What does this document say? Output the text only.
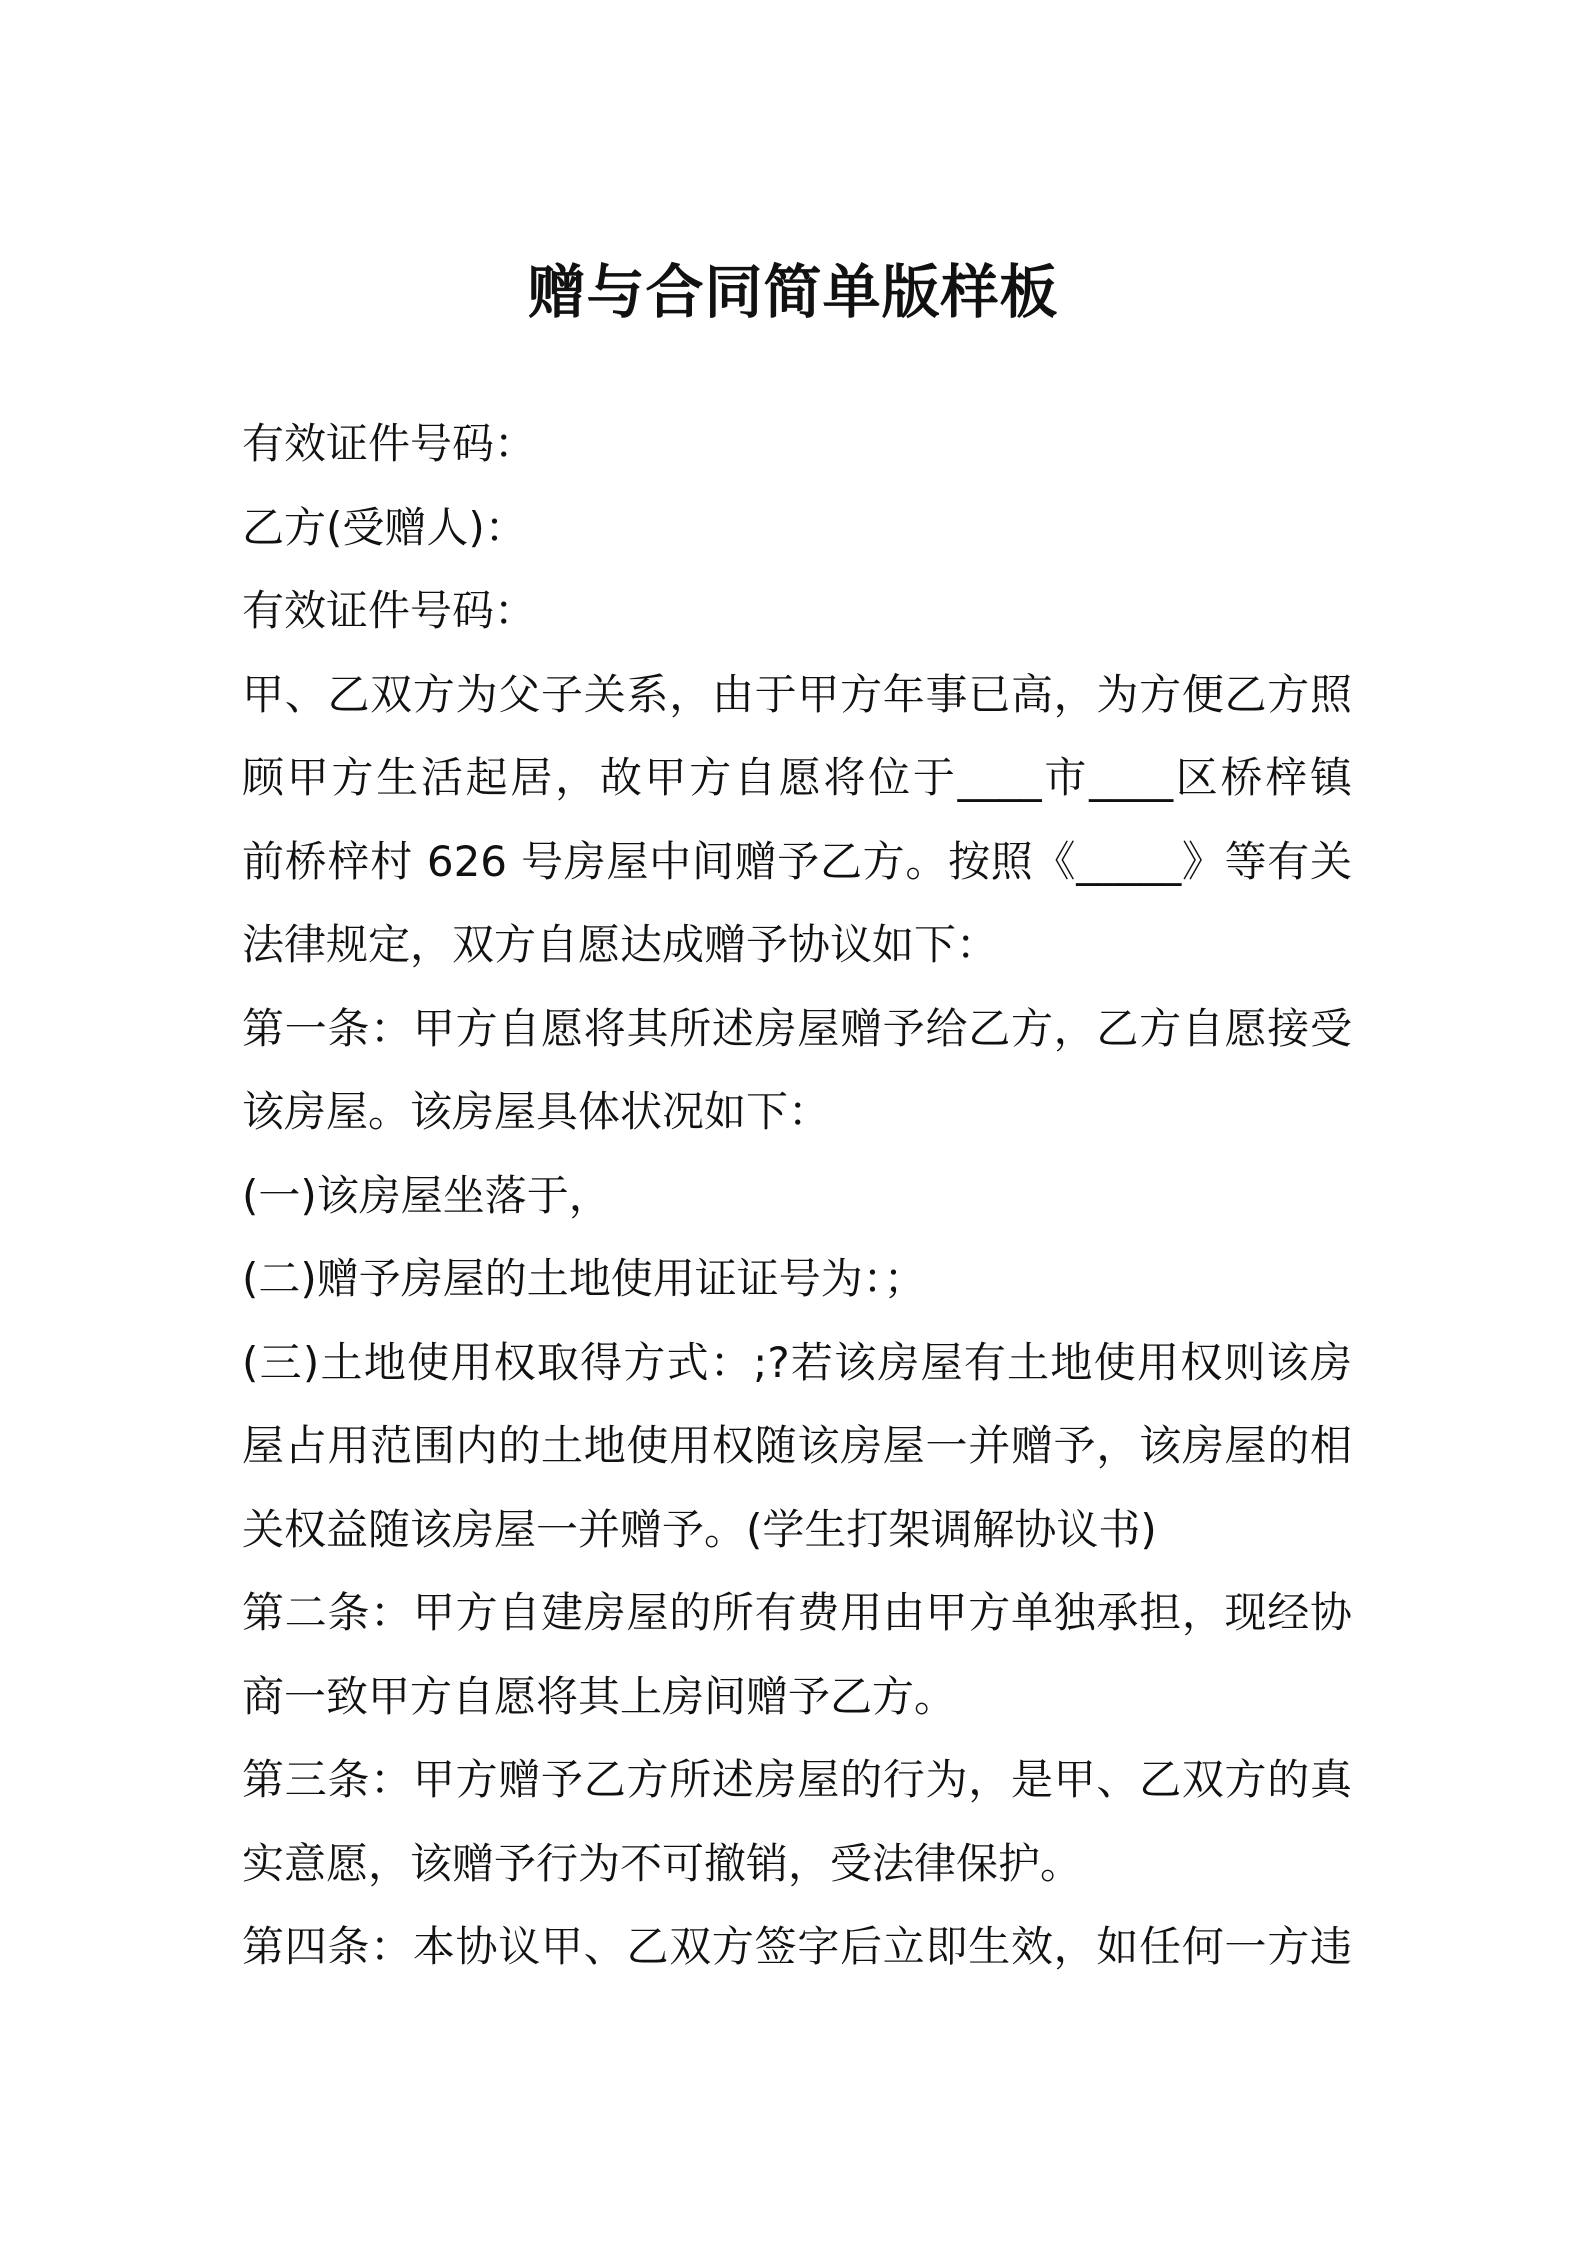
赠与合同简单版样板
有效证件号码：
乙方(受赠人)：
有效证件号码：
甲、乙双方为父子关系，由于甲方年事已高，为方便乙方照
顾甲方生活起居，故甲方自愿将位于____市____区桥梓镇
前桥梓村 626 号房屋中间赠予乙方。按照《_____》等有关
法律规定，双方自愿达成赠予协议如下：
第一条：甲方自愿将其所述房屋赠予给乙方，乙方自愿接受
该房屋。该房屋具体状况如下：
(一)该房屋坐落于，
(二)赠予房屋的土地使用证证号为：；
(三)土地使用权取得方式：;?若该房屋有土地使用权则该房
屋占用范围内的土地使用权随该房屋一并赠予，该房屋的相
关权益随该房屋一并赠予。(学生打架调解协议书)
第二条：甲方自建房屋的所有费用由甲方单独承担，现经协
商一致甲方自愿将其上房间赠予乙方。
第三条：甲方赠予乙方所述房屋的行为，是甲、乙双方的真
实意愿，该赠予行为不可撤销，受法律保护。
第四条：本协议甲、乙双方签字后立即生效，如任何一方违
